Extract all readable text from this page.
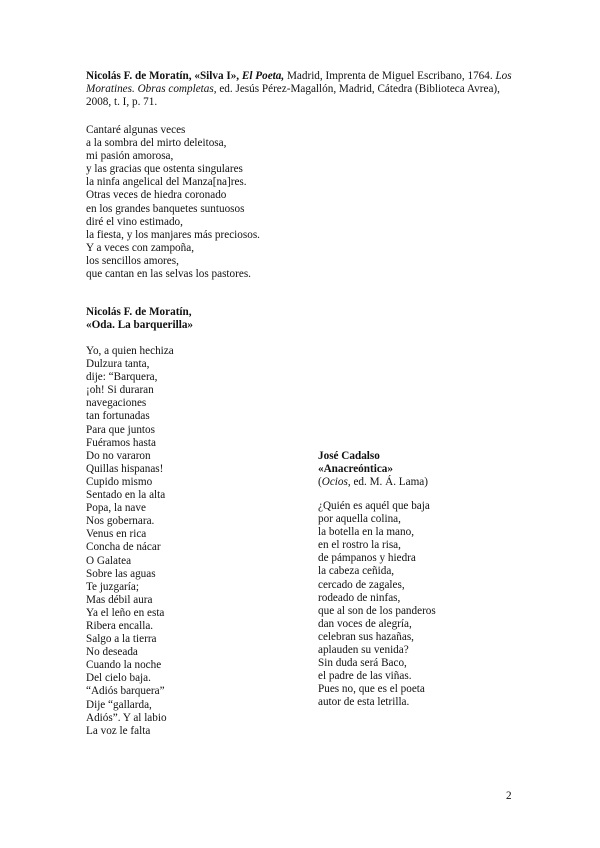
Nicolás F. de Moratín, «Silva I», El Poeta, Madrid, Imprenta de Miguel Escribano, 1764. Los Moratines. Obras completas, ed. Jesús Pérez-Magallón, Madrid, Cátedra (Biblioteca Avrea), 2008, t. I, p. 71.
Cantaré algunas veces
a la sombra del mirto deleitosa,
mi pasión amorosa,
y las gracias que ostenta singulares
la ninfa angelical del Manza[na]res.
Otras veces de hiedra coronado
en los grandes banquetes suntuosos
diré el vino estimado,
la fiesta, y los manjares más preciosos.
Y a veces con zampoña,
los sencillos amores,
que cantan en las selvas los pastores.
Nicolás F. de Moratín,
«Oda. La barquerilla»
Yo, a quien hechiza
Dulzura tanta,
dije: “Barquera,
¡oh! Si duraran
navegaciones
tan fortunadas
Para que juntos
Fuéramos hasta
Do no vararon
Quillas hispanas!
Cupido mismo
Sentado en la alta
Popa, la nave
Nos gobernara.
Venus en rica
Concha de nácar
O Galatea
Sobre las aguas
Te juzgaría;
Mas débil aura
Ya el leño en esta
Ribera encalla.
Salgo a la tierra
No deseada
Cuando la noche
Del cielo baja.
“Adiós barquera”
Dije “gallarda,
Adiós”. Y al labio
La voz le falta
José Cadalso
«Anacreóntica»
(Ocios, ed. M. Á. Lama)
¿Quién es aquél que baja
por aquella colina,
la botella en la mano,
en el rostro la risa,
de pámpanos y hiedra
la cabeza ceñida,
cercado de zagales,
rodeado de ninfas,
que al son de los panderos
dan voces de alegría,
celebran sus hazañas,
aplauden su venida?
Sin duda será Baco,
el padre de las viñas.
Pues no, que es el poeta
autor de esta letrilla.
2
